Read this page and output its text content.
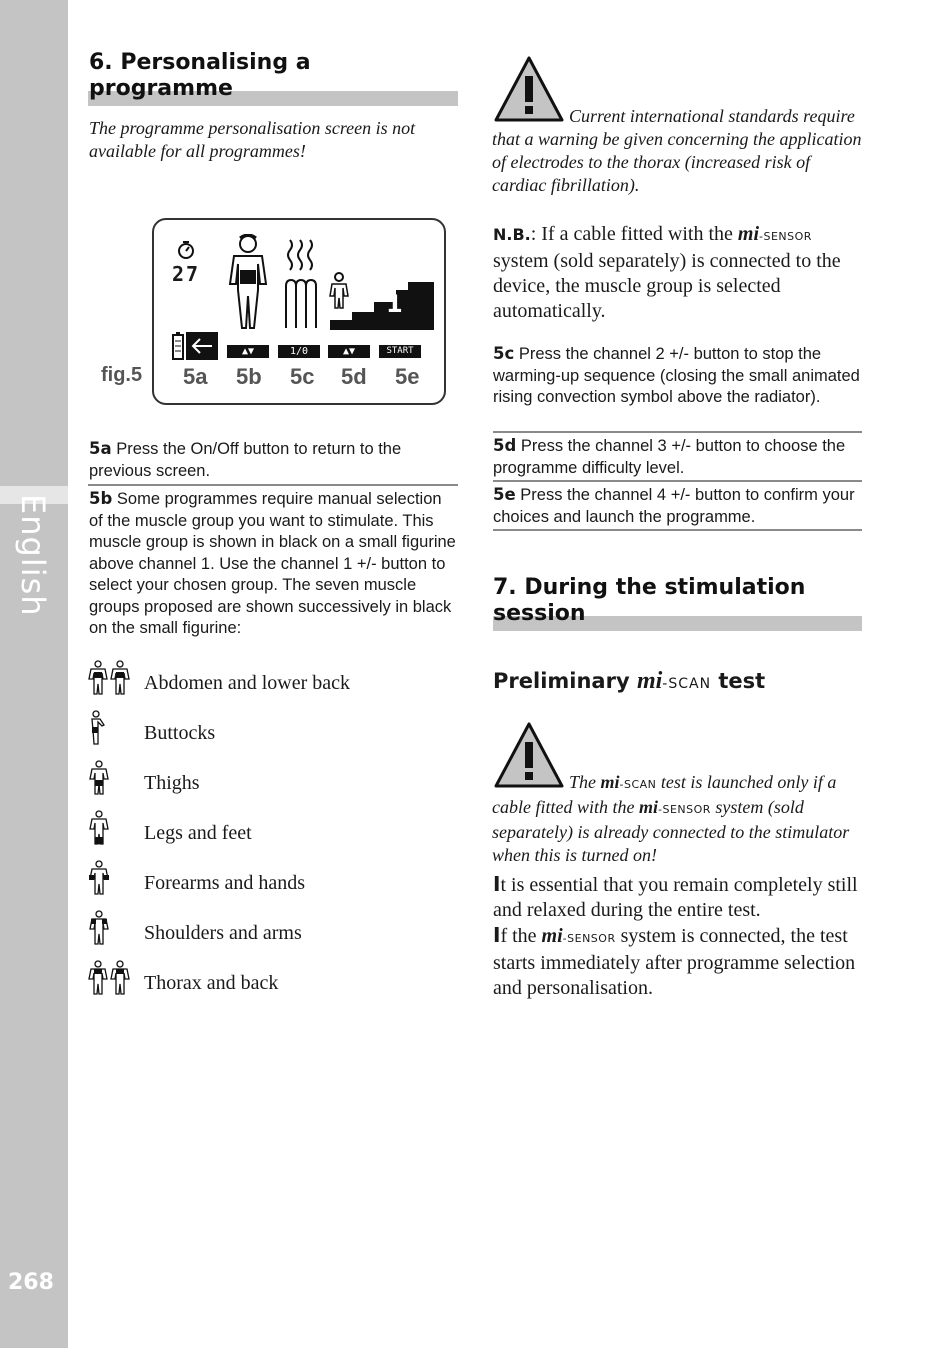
English
268
6. Personalising a
programme
The programme personalisation screen is not available for all programmes!
fig.5
27
1
▲▼	1/0	▲▼	START
5a 5b 5c 5d 5e
5a Press the On/Off button to return to the previous screen.
5b Some programmes require manual selection of the muscle group you want to stimulate. This muscle group is shown in black on a small figurine above channel 1. Use the channel 1 +/- button to select your chosen group. The seven muscle groups proposed are shown successively in black on the small figurine:
Abdomen and lower back
Buttocks
Thighs
Legs and feet
Forearms and hands
Shoulders and arms
Thorax and back
Current international standards require that a warning be given concerning the application of electrodes to the thorax (increased risk of cardiac fibrillation).
N.B.: If a cable fitted with the mi-SENSOR system (sold separately) is connected to the device, the muscle group is selected automatically.
5c Press the channel 2 +/- button to stop the warming-up sequence (closing the small animated rising convection symbol above the radiator).
5d Press the channel 3 +/- button to choose the programme difficulty level.
5e Press the channel 4 +/- button to confirm your choices and launch the programme.
7. During the stimulation
session
Preliminary mi-SCAN test
The mi-SCAN test is launched only if a cable fitted with the mi-SENSOR system (sold separately) is already connected to the stimulator when this is turned on!
It is essential that you remain completely still and relaxed during the entire test.
If the mi-SENSOR system is connected, the test starts immediately after programme selection and personalisation.
